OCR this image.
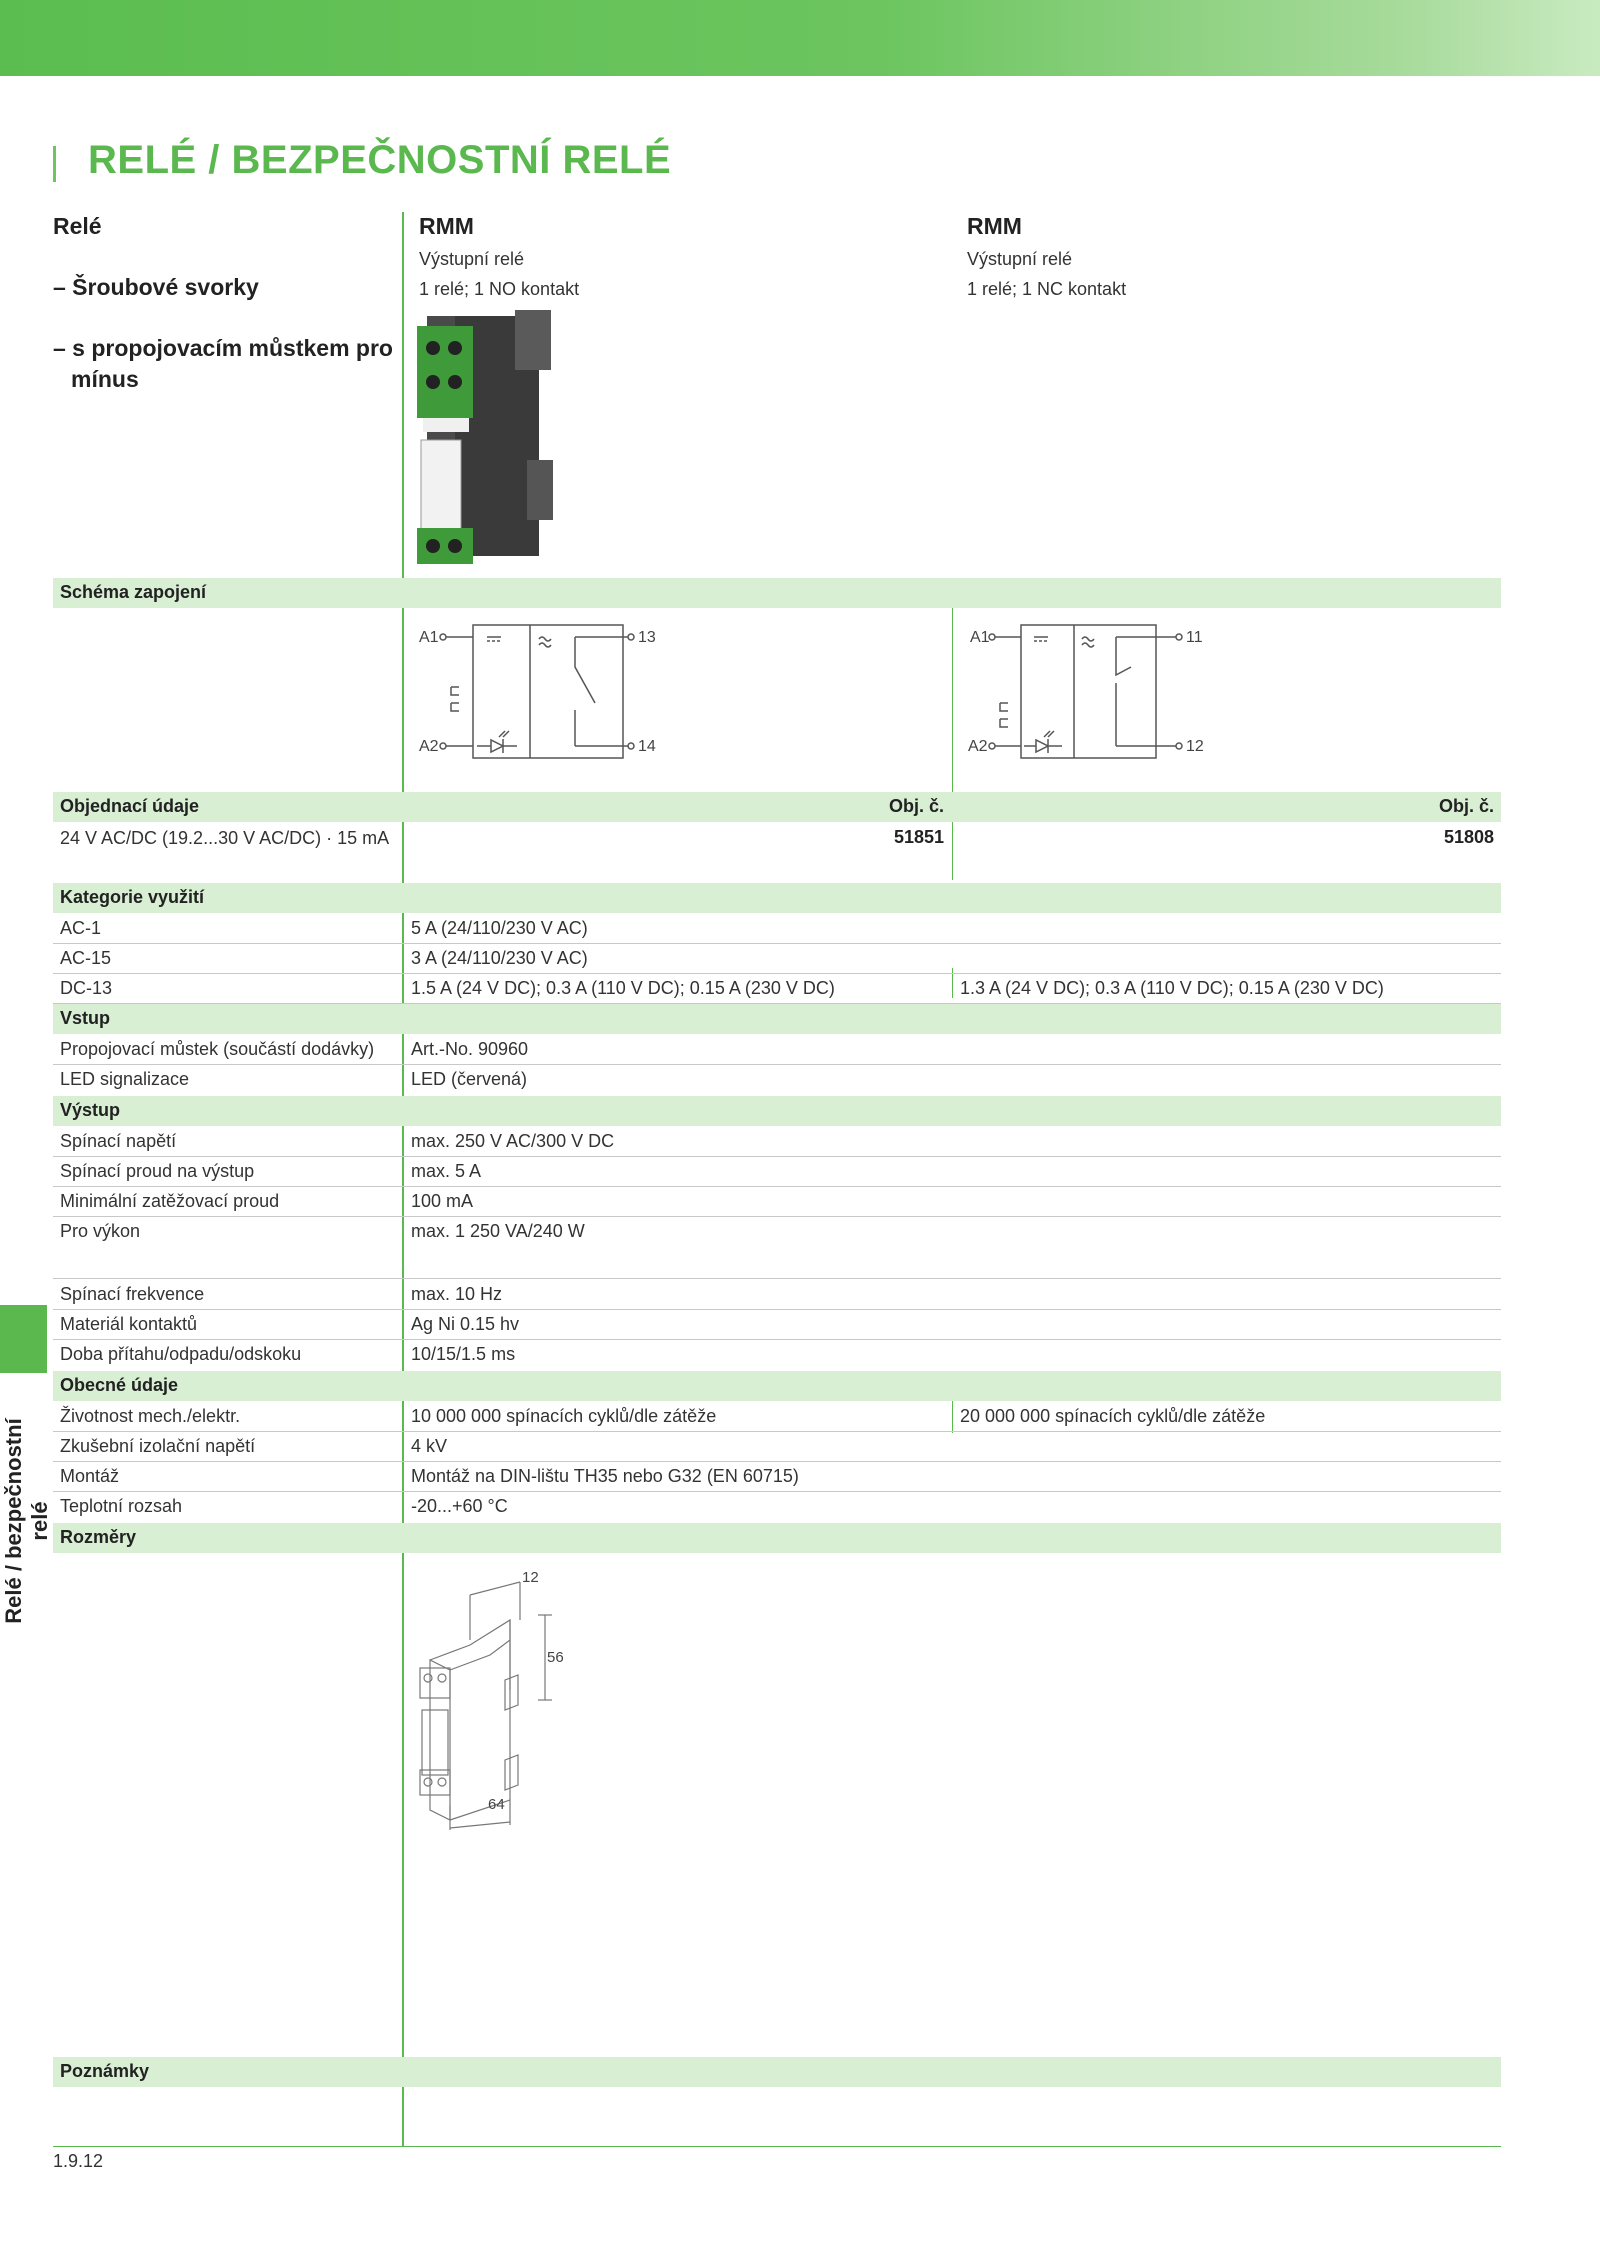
RELÉ / BEZPEČNOSTNÍ RELÉ
Relé
– Šroubové svorky
– s propojovacím můstkem pro
mínus
RMM
Výstupní relé
1 relé; 1 NO kontakt
RMM
Výstupní relé
1 relé; 1 NC kontakt
Schéma zapojení
A1
A2
13
14
A1
A2
11
12
Objednací údaje	Obj. č.	Obj. č.
24 V AC/DC (19.2...30 V AC/DC) · 15 mA	51851	51808
Kategorie využití
AC-1	5 A (24/110/230 V AC)
AC-15	3 A (24/110/230 V AC)
DC-13	1.5 A (24 V DC); 0.3 A (110 V DC); 0.15 A (230 V DC)	1.3 A (24 V DC); 0.3 A (110 V DC); 0.15 A (230 V DC)
Vstup
Propojovací můstek (součástí dodávky) Art.-No. 90960
LED signalizace	LED (červená)
Výstup
Spínací napětí	max. 250 V AC/300 V DC
Spínací proud na výstup	max. 5 A
Minimální zatěžovací proud	100 mA
Pro výkon	max. 1 250 VA/240 W
Spínací frekvence	max. 10 Hz
Materiál kontaktů	Ag Ni 0.15 hv
Doba přítahu/odpadu/odskoku	10/15/1.5 ms
Obecné údaje
Životnost mech./elektr.	10 000 000 spínacích cyklů/dle zátěže	20 000 000 spínacích cyklů/dle zátěže
Zkušební izolační napětí	4 kV
Montáž	Montáž na DIN-lištu TH35 nebo G32 (EN 60715)
Teplotní rozsah	-20...+60 °C
Rozměry
12
56
64
Poznámky
Relé / bezpečnostní relé
1.9.12
